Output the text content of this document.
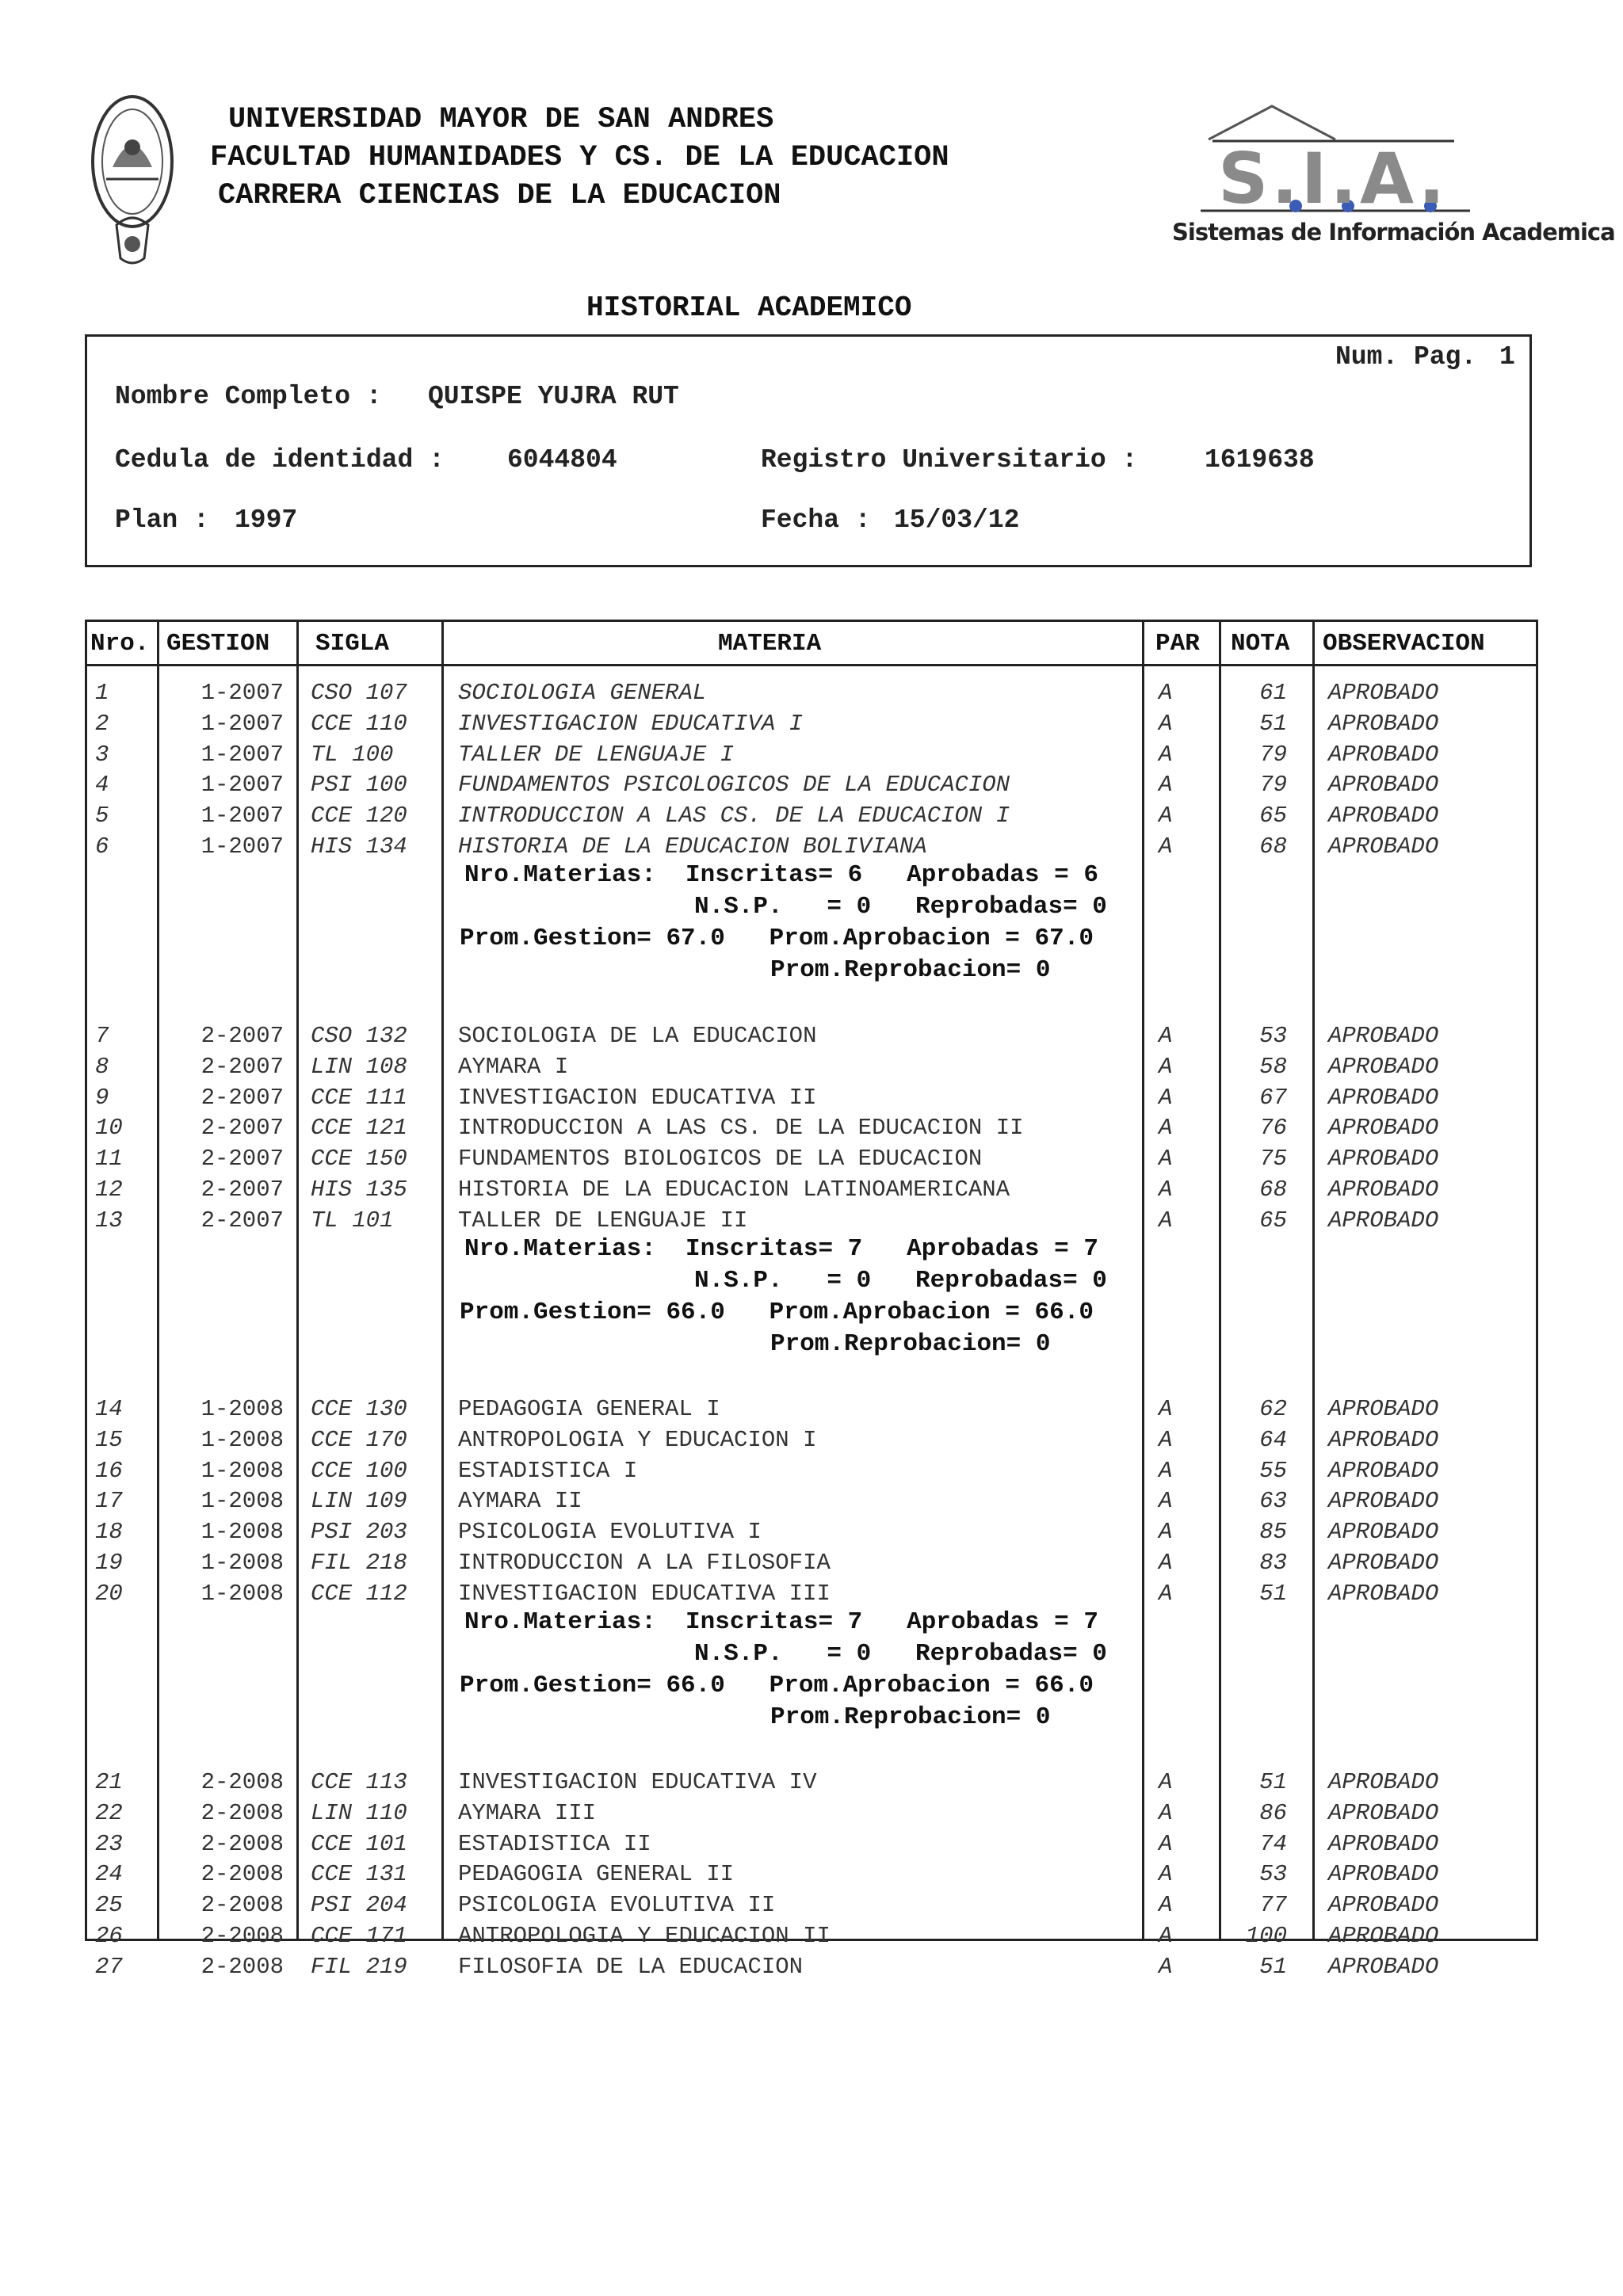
UNIVERSIDAD MAYOR DE SAN ANDRES
FACULTAD HUMANIDADES Y CS. DE LA EDUCACION
CARRERA CIENCIAS DE LA EDUCACION	S.I.A.
Sistemas de Información Academica
HISTORIAL ACADEMICO
Num. Pag. 1
Nombre Completo : QUISPE YUJRA RUT
Cedula de identidad : 6044804	Registro Universitario :	1619638
Plan : 1997	Fecha : 15/03/12
Nro. GESTION SIGLA	MATERIA	PAR NOTA OBSERVACION
1	1-2007 CSO 107	SOCIOLOGIA GENERAL	A	61 APROBADO
2	1-2007 CCE 110	INVESTIGACION EDUCATIVA I	A	51 APROBADO
3	1-2007 TL 100	TALLER DE LENGUAJE I	A	79 APROBADO
4	1-2007 PSI 100	FUNDAMENTOS PSICOLOGICOS DE LA EDUCACION	A	79 APROBADO
5	1-2007 CCE 120	INTRODUCCION A LAS CS. DE LA EDUCACION I	A	65 APROBADO
6	1-2007 HIS 134	HISTORIA DE LA EDUCACION BOLIVIANA	A	68 APROBADO
7	2-2007 CSO 132	SOCIOLOGIA DE LA EDUCACION	A	53 APROBADO
8	2-2007 LIN 108	AYMARA I	A	58 APROBADO
9	2-2007 CCE 111	INVESTIGACION EDUCATIVA II	A	67 APROBADO
10	2-2007 CCE 121	INTRODUCCION A LAS CS. DE LA EDUCACION II	A	76 APROBADO
11	2-2007 CCE 150	FUNDAMENTOS BIOLOGICOS DE LA EDUCACION	A	75 APROBADO
12	2-2007 HIS 135	HISTORIA DE LA EDUCACION LATINOAMERICANA	A	68 APROBADO
13	2-2007 TL 101	TALLER DE LENGUAJE II	A	65 APROBADO
14	1-2008 CCE 130	PEDAGOGIA GENERAL I	A	62 APROBADO
15	1-2008 CCE 170	ANTROPOLOGIA Y EDUCACION I	A	64 APROBADO
16	1-2008 CCE 100	ESTADISTICA I	A	55 APROBADO
17	1-2008 LIN 109	AYMARA II	A	63 APROBADO
18	1-2008 PSI 203	PSICOLOGIA EVOLUTIVA I	A	85 APROBADO
19	1-2008 FIL 218	INTRODUCCION A LA FILOSOFIA	A	83 APROBADO
20	1-2008 CCE 112	INVESTIGACION EDUCATIVA III	A	51 APROBADO
21	2-2008 CCE 113	INVESTIGACION EDUCATIVA IV	A	51 APROBADO
22	2-2008 LIN 110	AYMARA III	A	86 APROBADO
23	2-2008 CCE 101	ESTADISTICA II	A	74 APROBADO
24	2-2008 CCE 131	PEDAGOGIA GENERAL II	A	53 APROBADO
25	2-2008 PSI 204	PSICOLOGIA EVOLUTIVA II	A	77 APROBADO
26	2-2008 CCE 171	ANTROPOLOGIA Y EDUCACION II	A	100 APROBADO
27	2-2008 FIL 219	FILOSOFIA DE LA EDUCACION	A	51 APROBADO
Nro.Materias:  Inscritas= 6   Aprobadas = 6
N.S.P.   = 0   Reprobadas= 0
Prom.Gestion= 67.0   Prom.Aprobacion = 67.0
Prom.Reprobacion= 0
Nro.Materias:  Inscritas= 7   Aprobadas = 7
N.S.P.   = 0   Reprobadas= 0
Prom.Gestion= 66.0   Prom.Aprobacion = 66.0
Prom.Reprobacion= 0
Nro.Materias:  Inscritas= 7   Aprobadas = 7
N.S.P.   = 0   Reprobadas= 0
Prom.Gestion= 66.0   Prom.Aprobacion = 66.0
Prom.Reprobacion= 0
